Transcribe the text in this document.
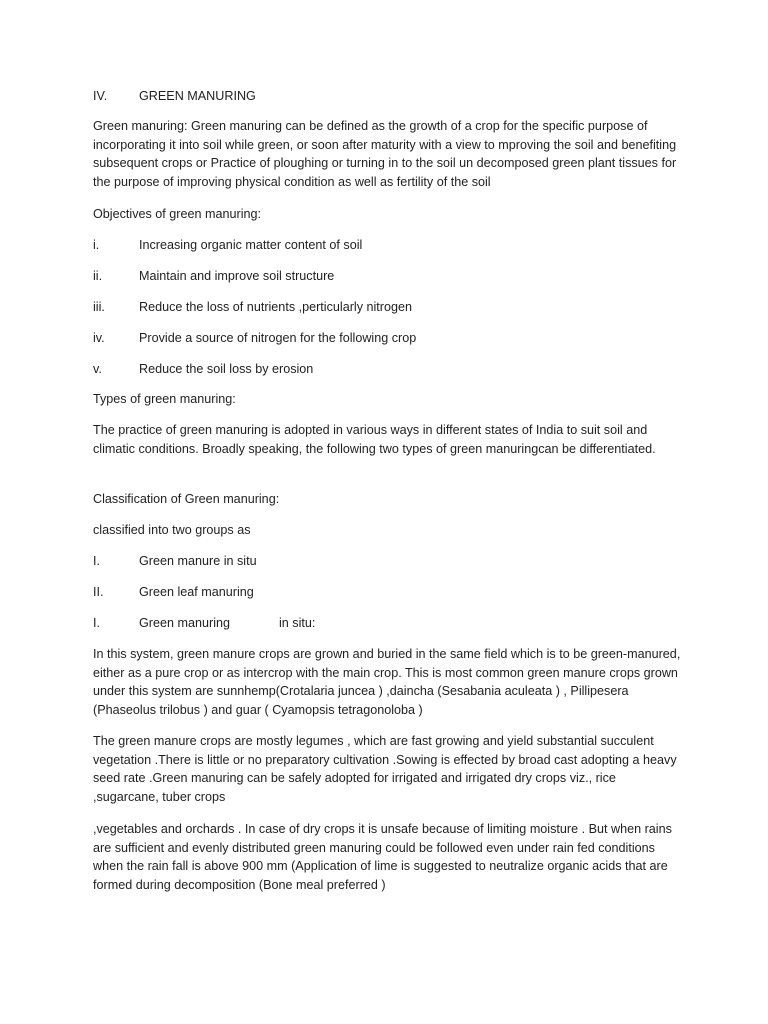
IV.	GREEN MANURING

Green manuring: Green manuring can be defined as the growth of a crop for the specific purpose of incorporating it into soil while green, or soon after maturity with a view to mproving the soil and benefiting subsequent crops or Practice of ploughing or turning in to the soil un decomposed green plant tissues for the purpose of improving physical condition as well as fertility of the soil

Objectives of green manuring:

i.	Increasing organic matter content of soil
ii.	Maintain and improve soil structure
iii.	Reduce the loss of nutrients ,perticularly nitrogen
iv.	Provide a source of nitrogen for the following crop
v.	Reduce the soil loss by erosion

Types of green manuring:

The practice of green manuring is adopted in various ways in different states of India to suit soil and climatic conditions. Broadly speaking, the following two types of green manuringcan be differentiated.

Classification of Green manuring:

classified into two groups as

I.	Green manure in situ
II.	Green leaf manuring
I.	Green manuring	in situ:

In this system, green manure crops are grown and buried in the same field which is to be green-manured, either as a pure crop or as intercrop with the main crop. This is most common green manure crops grown under this system are sunnhemp(Crotalaria juncea ) ,daincha (Sesabania aculeata ) , Pillipesera (Phaseolus trilobus ) and guar ( Cyamopsis tetragonoloba )

The green manure crops are mostly legumes , which are fast growing and yield substantial succulent vegetation .There is little or no preparatory cultivation .Sowing is effected by broad cast adopting a heavy seed rate .Green manuring can be safely adopted for irrigated and irrigated dry crops viz., rice ,sugarcane, tuber crops

,vegetables and orchards . In case of dry crops it is unsafe because of limiting moisture . But when rains are sufficient and evenly distributed green manuring could be followed even under rain fed conditions when the rain fall is above 900 mm (Application of lime is suggested to neutralize organic acids that are formed during decomposition (Bone meal preferred )
